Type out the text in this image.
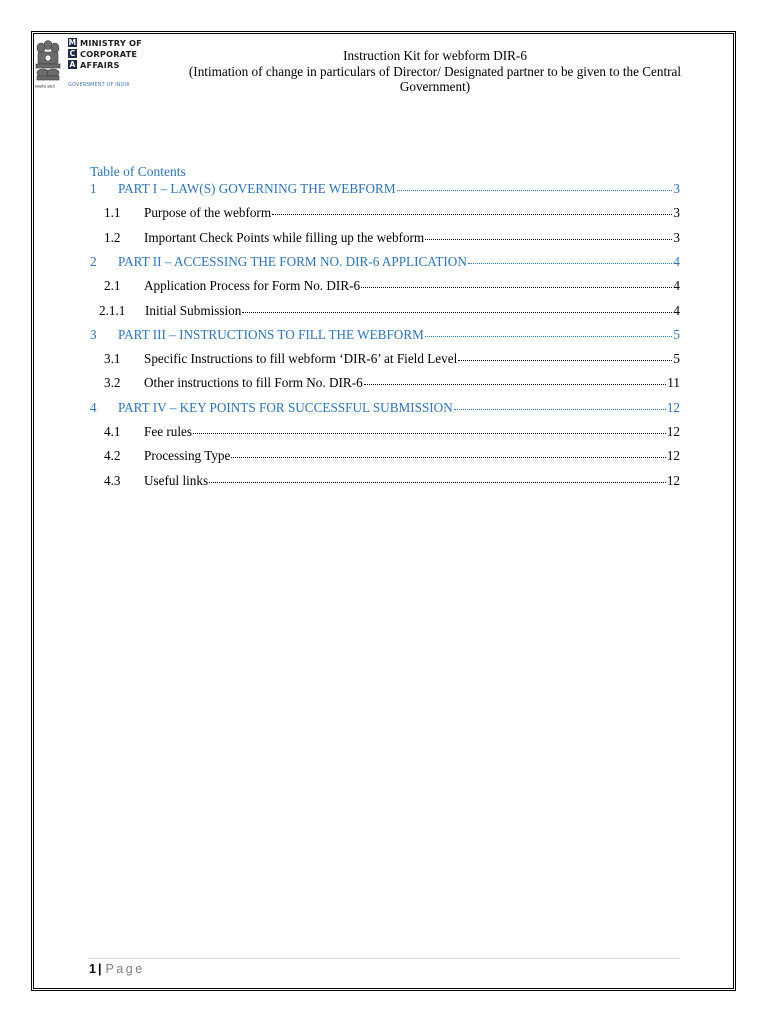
सत्यमेव जयते
M MINISTRY OF
C CORPORATE
A AFFAIRS
GOVERNMENT OF INDIA
Instruction Kit for webform DIR-6
(Intimation of change in particulars of Director/ Designated partner to be given to the Central Government)
Table of Contents
1	PART I – LAW(S) GOVERNING THE WEBFORM	3
1.1	Purpose of the webform	3
1.2	Important Check Points while filling up the webform	3
2	PART II – ACCESSING THE FORM NO. DIR-6 APPLICATION	4
2.1	Application Process for Form No. DIR-6	4
2.1.1	Initial Submission	4
3	PART III – INSTRUCTIONS TO FILL THE WEBFORM	5
3.1	Specific Instructions to fill webform ‘DIR-6’ at Field Level	5
3.2	Other instructions to fill Form No. DIR-6	11
4	PART IV – KEY POINTS FOR SUCCESSFUL SUBMISSION	12
4.1	Fee rules	12
4.2	Processing Type	12
4.3	Useful links	12
1 | Page
